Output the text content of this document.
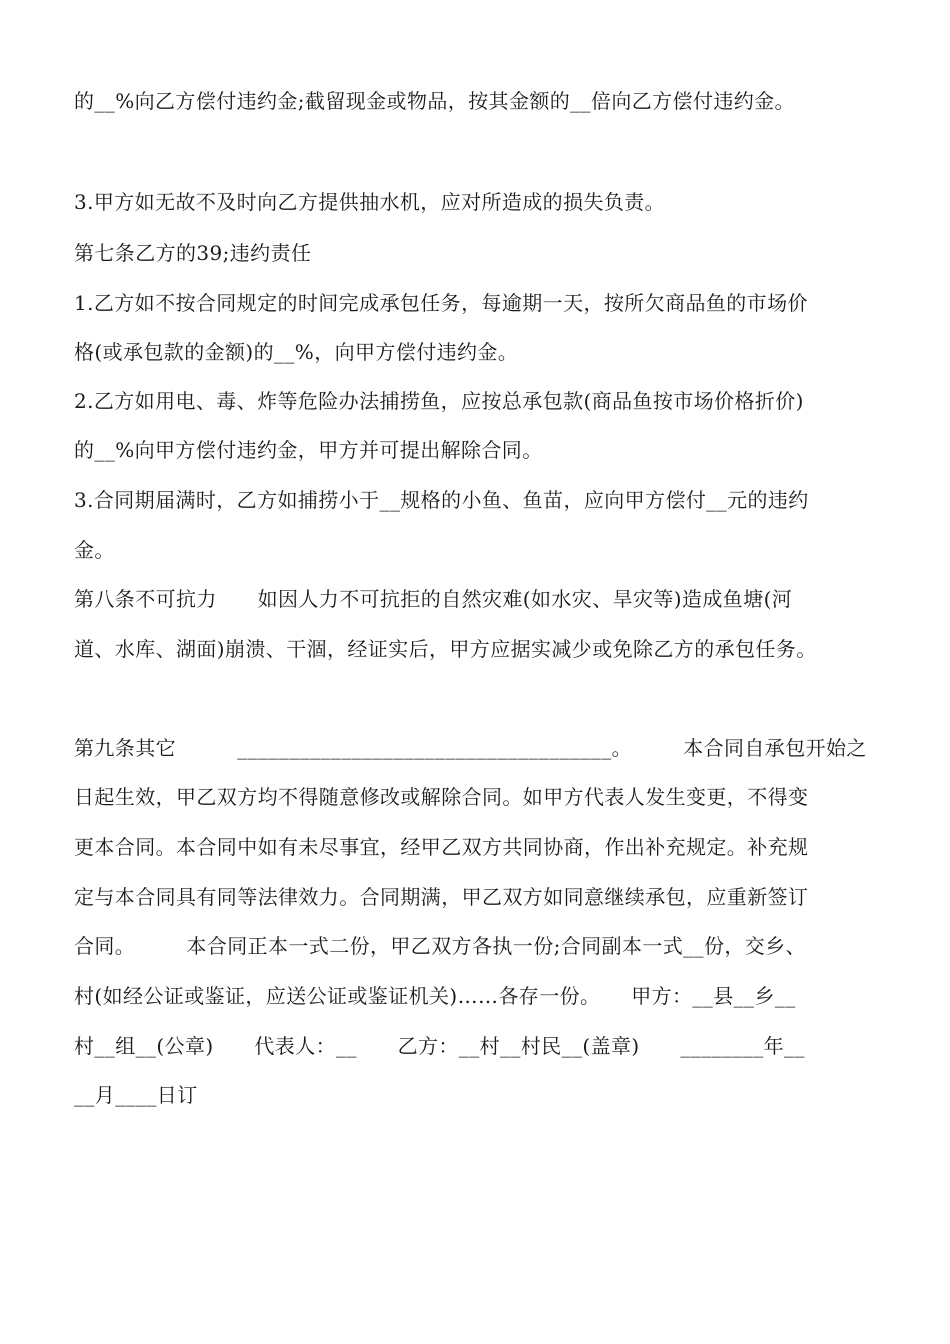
的__%向乙方偿付违约金;截留现金或物品，按其金额的__倍向乙方偿付违约金。
3.甲方如无故不及时向乙方提供抽水机，应对所造成的损失负责。
第七条乙方的39;违约责任
1.乙方如不按合同规定的时间完成承包任务，每逾期一天，按所欠商品鱼的市场价
格(或承包款的金额)的__%，向甲方偿付违约金。
2.乙方如用电、毒、炸等危险办法捕捞鱼，应按总承包款(商品鱼按市场价格折价)
的__%向甲方偿付违约金，甲方并可提出解除合同。
3.合同期届满时，乙方如捕捞小于__规格的小鱼、鱼苗，应向甲方偿付__元的违约
金。
第八条不可抗力　　如因人力不可抗拒的自然灾难(如水灾、旱灾等)造成鱼塘(河
道、水库、湖面)崩溃、干涸，经证实后，甲方应据实减少或免除乙方的承包任务。
第九条其它　　　____________________________________。　　　本合同自承包开始之
日起生效，甲乙双方均不得随意修改或解除合同。如甲方代表人发生变更，不得变
更本合同。本合同中如有未尽事宜，经甲乙双方共同协商，作出补充规定。补充规
定与本合同具有同等法律效力。合同期满，甲乙双方如同意继续承包，应重新签订
合同。　　　本合同正本一式二份，甲乙双方各执一份;合同副本一式__份，交乡、
村(如经公证或鉴证，应送公证或鉴证机关)……各存一份。　　甲方：__县__乡__
村__组__(公章)　　代表人：__　　乙方：__村__村民__(盖章)　　________年__
__月____日订
